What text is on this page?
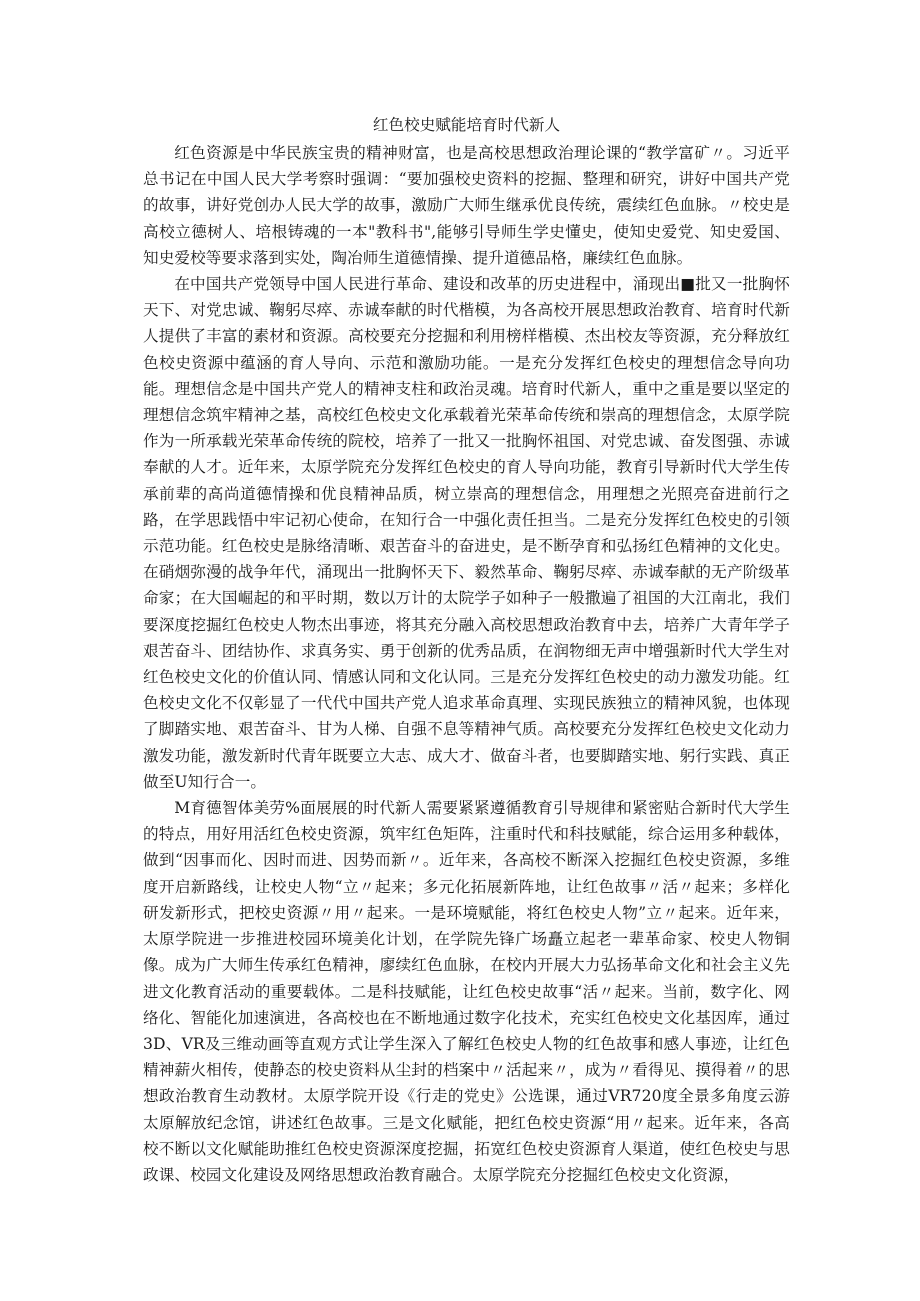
红色校史赋能培育时代新人

红色资源是中华民族宝贵的精神财富，也是高校思想政治理论课的“教学富矿〃。习近平总书记在中国人民大学考察时强调：“要加强校史资料的挖掘、整理和研究，讲好中国共产党的故事，讲好党创办人民大学的故事，激励广大师生继承优良传统，震续红色血脉。〃校史是高校立德树人、培根铸魂的一本"教科书",能够引导师生学史懂史，使知史爱党、知史爱国、知史爱校等要求落到实处，陶冶师生道德情操、提升道德品格，廉续红色血脉。

在中国共产党领导中国人民进行革命、建设和改革的历史进程中，涌现出■批又一批胸怀天下、对党忠诚、鞠躬尽瘁、赤诚奉献的时代楷模，为各高校开展思想政治教育、培育时代新人提供了丰富的素材和资源。高校要充分挖掘和利用榜样楷模、杰出校友等资源，充分释放红色校史资源中蕴涵的育人导向、示范和激励功能。一是充分发挥红色校史的理想信念导向功能。理想信念是中国共产党人的精神支柱和政治灵魂。培育时代新人，重中之重是要以坚定的理想信念筑牢精神之基，高校红色校史文化承载着光荣革命传统和崇高的理想信念，太原学院作为一所承载光荣革命传统的院校，培养了一批又一批胸怀祖国、对党忠诚、奋发图强、赤诚奉献的人才。近年来，太原学院充分发挥红色校史的育人导向功能，教育引导新时代大学生传承前辈的高尚道德情操和优良精神品质，树立崇高的理想信念，用理想之光照亮奋进前行之路，在学思践悟中牢记初心使命，在知行合一中强化责任担当。二是充分发挥红色校史的引领示范功能。红色校史是脉络清晰、艰苦奋斗的奋进史，是不断孕育和弘扬红色精神的文化史。在硝烟弥漫的战争年代，涌现出一批胸怀天下、毅然革命、鞠躬尽瘁、赤诚奉献的无产阶级革命家；在大国崛起的和平时期，数以万计的太院学子如种子一般撒遍了祖国的大江南北，我们要深度挖掘红色校史人物杰出事迹，将其充分融入高校思想政治教育中去，培养广大青年学子艰苦奋斗、团结协作、求真务实、勇于创新的优秀品质，在润物细无声中增强新时代大学生对红色校史文化的价值认同、情感认同和文化认同。三是充分发挥红色校史的动力激发功能。红色校史文化不仅彰显了一代代中国共产党人追求革命真理、实现民族独立的精神风貌，也体现了脚踏实地、艰苦奋斗、甘为人梯、自强不息等精神气质。高校要充分发挥红色校史文化动力激发功能，激发新时代青年既要立大志、成大才、做奋斗者，也要脚踏实地、躬行实践、真正做至U知行合一。

M育德智体美劳%面展展的时代新人需要紧紧遵循教育引导规律和紧密贴合新时代大学生的特点，用好用活红色校史资源，筑牢红色矩阵，注重时代和科技赋能，综合运用多种载体，做到“因事而化、因时而进、因势而新〃。近年来，各高校不断深入挖掘红色校史资源，多维度开启新路线，让校史人物“立〃起来；多元化拓展新阵地，让红色故事〃活〃起来；多样化研发新形式，把校史资源〃用〃起来。一是环境赋能，将红色校史人物”立〃起来。近年来，太原学院进一步推进校园环境美化计划，在学院先锋广场矗立起老一辈革命家、校史人物铜像。成为广大师生传承红色精神，廖续红色血脉，在校内开展大力弘扬革命文化和社会主义先进文化教育活动的重要载体。二是科技赋能，让红色校史故事“活〃起来。当前，数字化、网络化、智能化加速演进，各高校也在不断地通过数字化技术，充实红色校史文化基因库，通过3D、VR及三维动画等直观方式让学生深入了解红色校史人物的红色故事和感人事迹，让红色精神薪火相传，使静态的校史资料从尘封的档案中〃活起来〃，成为〃看得见、摸得着〃的思想政治教育生动教材。太原学院开设《行走的党史》公选课，通过VR720度全景多角度云游太原解放纪念馆，讲述红色故事。三是文化赋能，把红色校史资源“用〃起来。近年来，各高校不断以文化赋能助推红色校史资源深度挖掘，拓宽红色校史资源育人渠道，使红色校史与思政课、校园文化建设及网络思想政治教育融合。太原学院充分挖掘红色校史文化资源，
